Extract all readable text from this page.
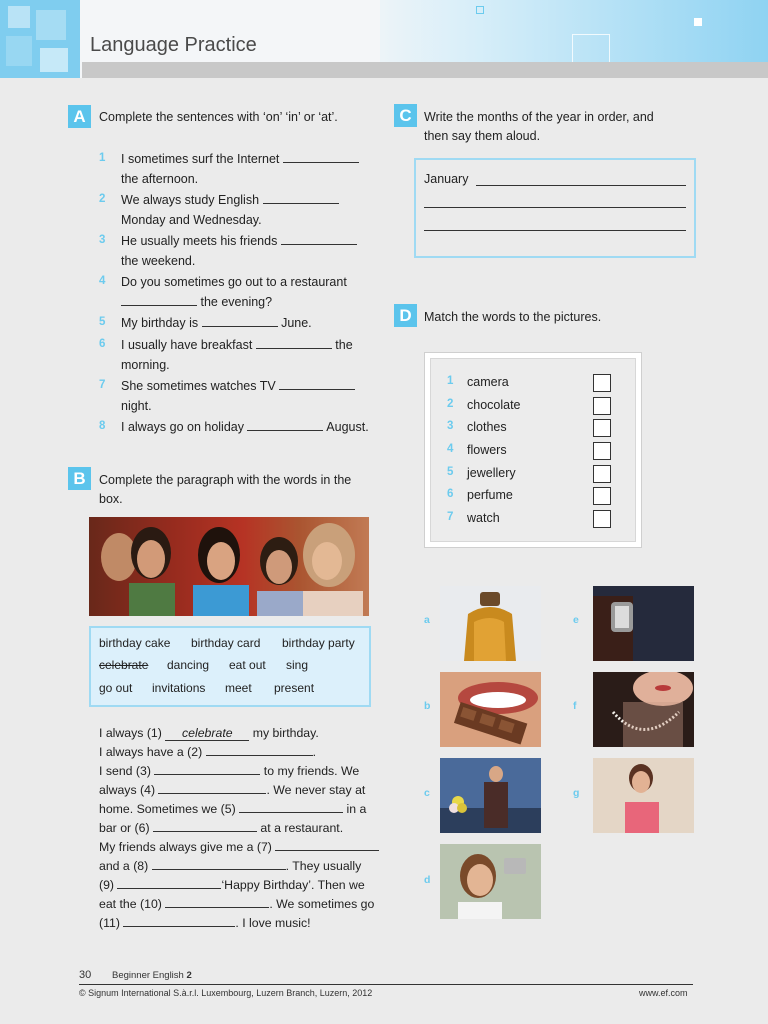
Language Practice
A	Complete the sentences with ‘on’ ‘in’ or ‘at’.
1	I sometimes surf the Internet
the afternoon.
2	We always study English
Monday and Wednesday.
3	He usually meets his friends
the weekend.
4	Do you sometimes go out to a restaurant
the evening?
5	My birthday is	June.
6	I usually have breakfast	the
morning.
7	She sometimes watches TV
night.
8	I always go on holiday	August.
B	Complete the paragraph with the words in the
box.
birthday cake birthday card birthday party
celebrate dancing eat out sing
go out invitations meet present
I always (1) celebrate my birthday.
I always have a (2)	.
I send (3)	to my friends. We
always (4)	. We never stay at
home. Sometimes we (5)	in a
bar or (6)	at a restaurant.
My friends always give me a (7)
and a (8)	. They usually
(9)	‘Happy Birthday’. Then we
eat the (10)	. We sometimes go
(11)	. I love music!
C Write the months of the year in order, and
then say them aloud.
January
D Match the words to the pictures.
1 camera
2 chocolate
3 clothes
4 flowers
5 jewellery
6 perfume
7 watch
a
b
c
d
e
f
g
30 Beginner English 2
© Signum International S.à.r.l. Luxembourg, Luzern Branch, Luzern, 2012	www.ef.com
